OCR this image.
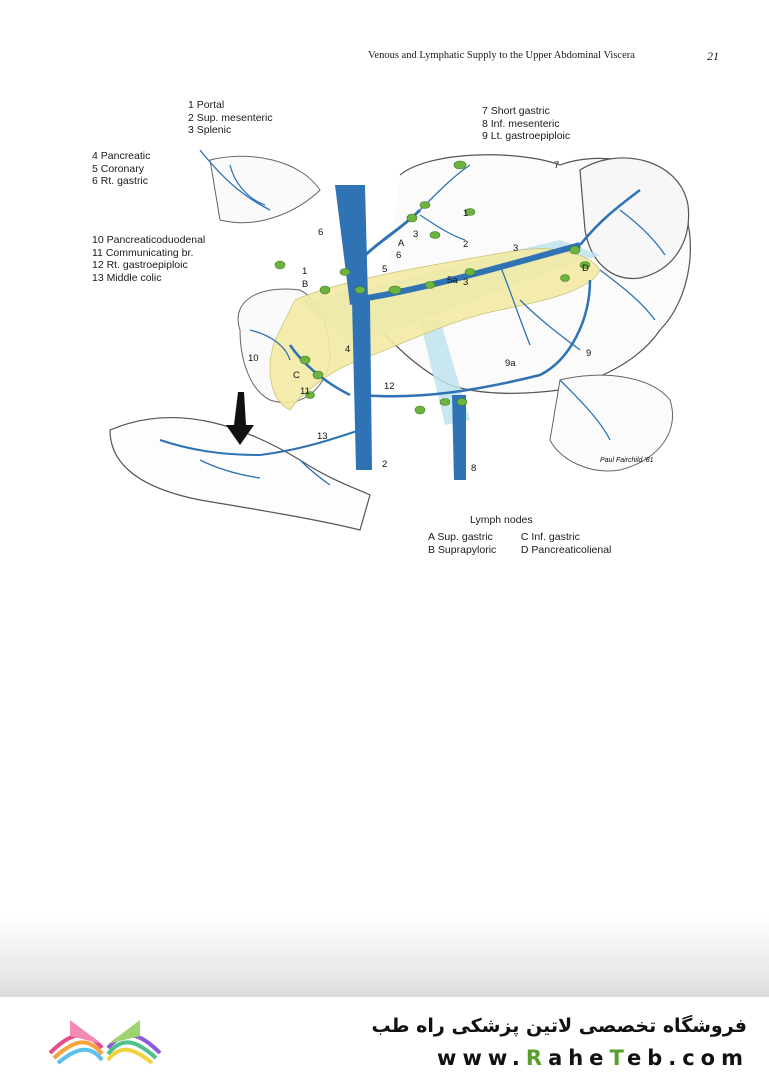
Venous and Lymphatic Supply to the Upper Abdominal Viscera	21
1 Portal
2 Sup. mesenteric
3 Splenic
4 Pancreatic
5 Coronary
6 Rt. gastric
10 Pancreaticoduodenal
11 Communicating br.
12 Rt. gastroepiploic
13 Middle colic
7 Short gastric
8 Inf. mesenteric
9 Lt. gastroepiploic
1
1
2
2
3
3
3
4
5
5a
6
6
7
8
9
9a
10
11	12
13
A
B
C
D
Paul Fairchild '81
Lymph nodes
A Sup. gastric	C Inf. gastric
B Suprapyloric D Pancreaticolienal
فروشگاه تخصصی لاتین پزشکی راه طب
www.RaheTeb.com
